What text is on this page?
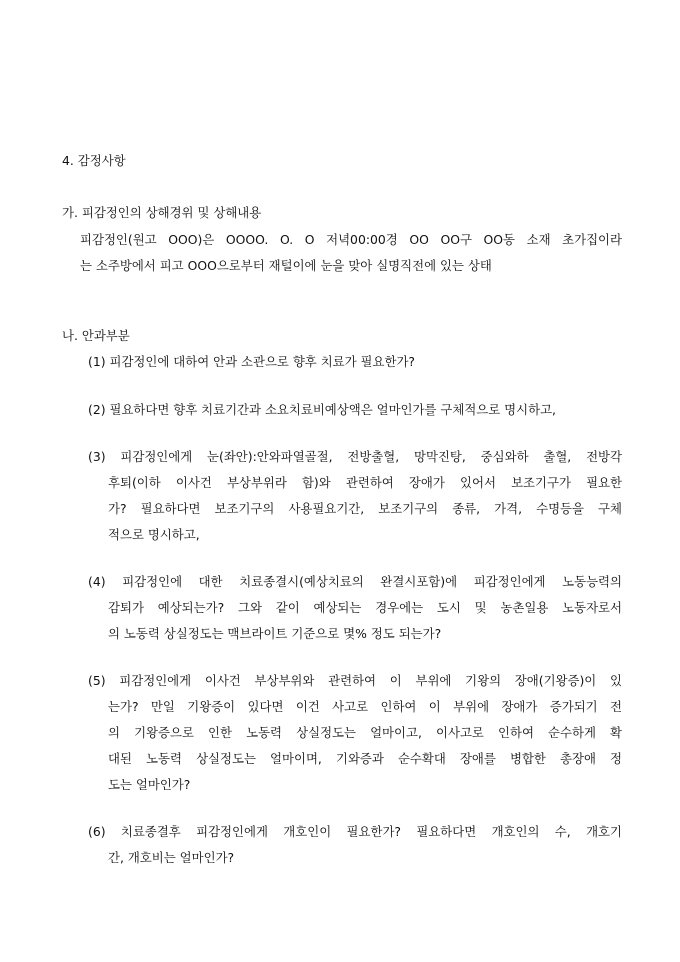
4. 감정사항
가. 피감정인의 상해경위 및 상해내용
피감정인(원고 OOO)은 OOOO. O. O 저녁00:00경 OO OO구 OO동 소재 초가집이라
는 소주방에서 피고 OOO으로부터 재털이에 눈을 맞아 실명직전에 있는 상태
나. 안과부분
(1) 피감정인에 대하여 안과 소관으로 향후 치료가 필요한가?
(2) 필요하다면 향후 치료기간과 소요치료비예상액은 얼마인가를 구체적으로 명시하고,
(3) 피감정인에게 눈(좌안):안와파열골절, 전방출혈, 망막진탕, 중심와하 출혈, 전방각
후퇴(이하 이사건 부상부위라 함)와 관련하여 장애가 있어서 보조기구가 필요한
가? 필요하다면 보조기구의 사용필요기간, 보조기구의 종류, 가격, 수명등을 구체
적으로 명시하고,
(4) 피감정인에 대한 치료종결시(예상치료의 완결시포함)에 피감정인에게 노동능력의
감퇴가 예상되는가? 그와 같이 예상되는 경우에는 도시 및 농촌일용 노동자로서
의 노동력 상실정도는 맥브라이트 기준으로 몇% 정도 되는가?
(5) 피감정인에게 이사건 부상부위와 관련하여 이 부위에 기왕의 장애(기왕증)이 있
는가? 만일 기왕증이 있다면 이건 사고로 인하여 이 부위에 장애가 증가되기 전
의 기왕증으로 인한 노동력 상실정도는 얼마이고, 이사고로 인하여 순수하게 확
대된 노동력 상실정도는 얼마이며, 기와증과 순수확대 장애를 병합한 총장애 정
도는 얼마인가?
(6) 치료종결후 피감정인에게 개호인이 필요한가? 필요하다면 개호인의 수, 개호기
간, 개호비는 얼마인가?
